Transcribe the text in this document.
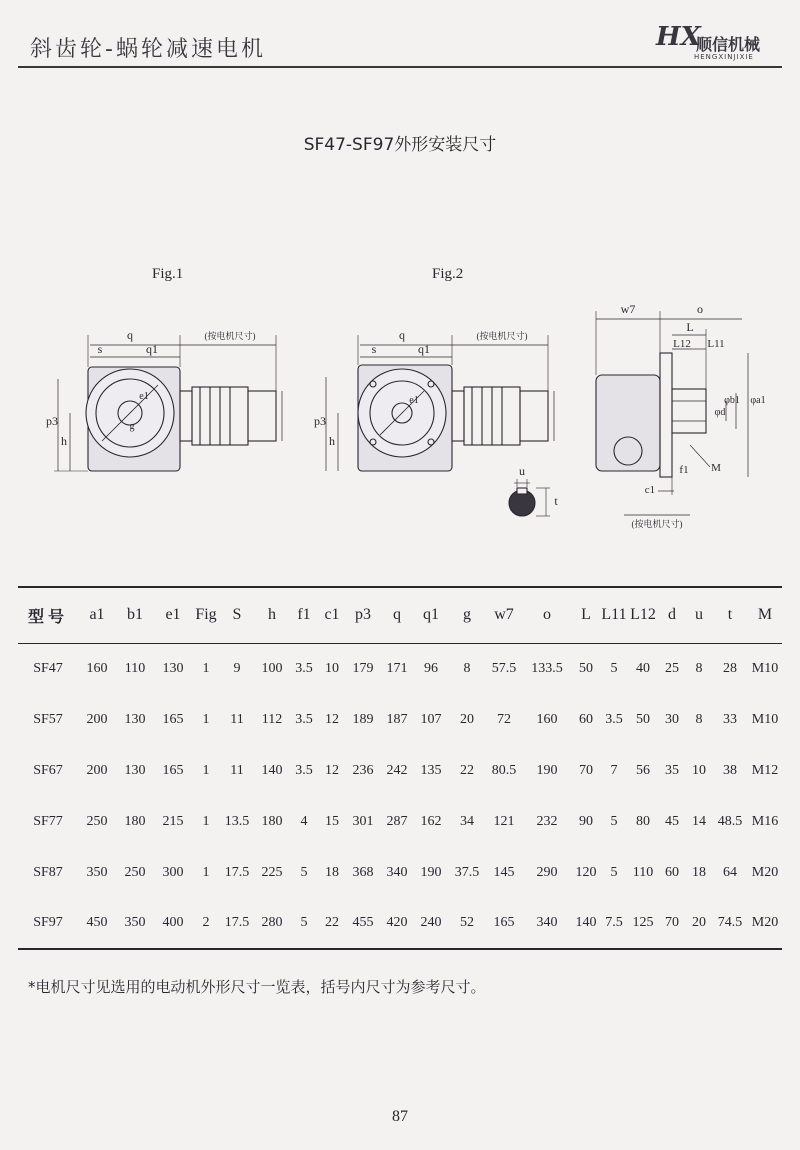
斜齿轮-蜗轮减速电机	HX
顺信机械
HENGXINJIXIE
SF47-SF97外形安装尺寸
Fig.1	Fig.2
q	(按电机尺寸)
s	q1
p3
h
e1
g
q	(按电机尺寸)
s	q1
p3
h
e1
u
t
w7	o
L
L12 L11
φd
φb1 φa1
f1
c1
M
(按电机尺寸)
型号	a1	b1	e1	Fig	S	h	f1	c1	p3	q	q1	g	w7	o	L	L11	L12	d	u	t	M
SF47	160	110	130	1	9	100	3.5	10	179	171	96	8	57.5	133.5	50	5	40	25	8	28	M10
SF57	200	130	165	1	11	112	3.5	12	189	187	107	20	72	160	60	3.5	50	30	8	33	M10
SF67	200	130	165	1	11	140	3.5	12	236	242	135	22	80.5	190	70	7	56	35	10	38	M12
SF77	250	180	215	1	13.5	180	4	15	301	287	162	34	121	232	90	5	80	45	14	48.5	M16
SF87	350	250	300	1	17.5	225	5	18	368	340	190	37.5	145	290	120	5	110	60	18	64	M20
SF97	450	350	400	2	17.5	280	5	22	455	420	240	52	165	340	140	7.5	125	70	20	74.5	M20
*电机尺寸见选用的电动机外形尺寸一览表，括号内尺寸为参考尺寸。
87
